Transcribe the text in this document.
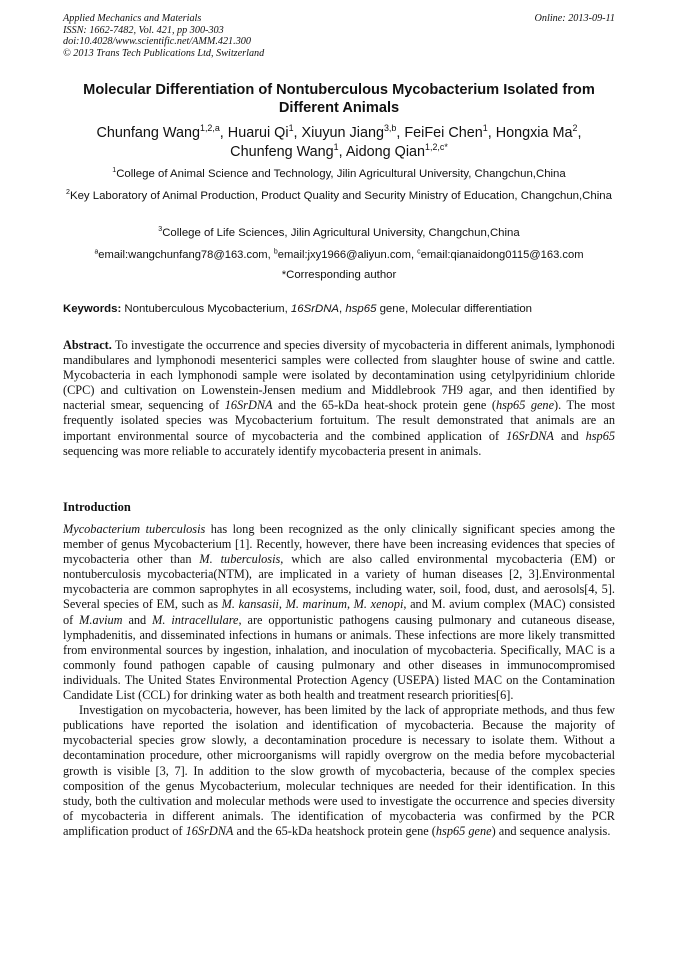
Applied Mechanics and Materials
ISSN: 1662-7482, Vol. 421, pp 300-303
doi:10.4028/www.scientific.net/AMM.421.300
© 2013 Trans Tech Publications Ltd, Switzerland
Online: 2013-09-11
Molecular Differentiation of Nontuberculous Mycobacterium Isolated from Different Animals
Chunfang Wang$^{1,2,a}$, Huarui Qi$^1$, Xiuyun Jiang$^{3,b}$, FeiFei Chen$^1$, Hongxia Ma$^2$,
Chunfeng Wang$^1$, Aidong Qian$^{1,2,c*}$
$^1$College of Animal Science and Technology, Jilin Agricultural University, Changchun,China
$^2$Key Laboratory of Animal Production, Product Quality and Security Ministry of Education, Changchun,China
$^3$College of Life Sciences, Jilin Agricultural University, Changchun,China
$^a$email:wangchunfang78@163.com, $^b$email:jxy1966@aliyun.com, $^c$email:qianaidong0115@163.com
*Corresponding author
Keywords: Nontuberculous Mycobacterium, 16SrDNA, hsp65 gene, Molecular differentiation
Abstract. To investigate the occurrence and species diversity of mycobacteria in different animals, lymphonodi mandibulares and lymphonodi mesenterici samples were collected from slaughter house of swine and cattle. Mycobacteria in each lymphonodi sample were isolated by decontamination using cetylpyridinium chloride (CPC) and cultivation on Lowenstein-Jensen medium and Middlebrook 7H9 agar, and then identified by nacterial smear, sequencing of 16SrDNA and the 65-kDa heat-shock protein gene (hsp65 gene). The most frequently isolated species was Mycobacterium fortuitum. The result demonstrated that animals are an important environmental source of mycobacteria and the combined application of 16SrDNA and hsp65 sequencing was more reliable to accurately identify mycobacteria present in animals.
Introduction

Mycobacterium tuberculosis has long been recognized as the only clinically significant species among the member of genus Mycobacterium [1]. Recently, however, there have been increasing evidences that species of mycobacteria other than M. tuberculosis, which are also called environmental mycobacteria (EM) or nontuberculosis mycobacteria(NTM), are implicated in a variety of human diseases [2, 3].Environmental mycobacteria are common saprophytes in all ecosystems, including water, soil, food, dust, and aerosols[4, 5]. Several species of EM, such as M. kansasii, M. marinum, M. xenopi, and M. avium complex (MAC) consisted of M.avium and M. intracellulare, are opportunistic pathogens causing pulmonary and cutaneous disease, lymphadenitis, and disseminated infections in humans or animals. These infections are more likely transmitted from environmental sources by ingestion, inhalation, and inoculation of mycobacteria. Specifically, MAC is a commonly found pathogen capable of causing pulmonary and other diseases in immunocompromised individuals. The United States Environmental Protection Agency (USEPA) listed MAC on the Contamination Candidate List (CCL) for drinking water as both health and treatment research priorities[6].

Investigation on mycobacteria, however, has been limited by the lack of appropriate methods, and thus few publications have reported the isolation and identification of mycobacteria. Because the majority of mycobacterial species grow slowly, a decontamination procedure is necessary to isolate them. Without a decontamination procedure, other microorganisms will rapidly overgrow on the media before mycobacterial growth is visible [3, 7]. In addition to the slow growth of mycobacteria, because of the complex species composition of the genus Mycobacterium, molecular techniques are needed for their identification. In this study, both the cultivation and molecular methods were used to investigate the occurrence and species diversity of mycobacteria in different animals. The identification of mycobacteria was confirmed by the PCR amplification product of 16SrDNA and the 65-kDa heatshock protein gene (hsp65 gene) and sequence analysis.
